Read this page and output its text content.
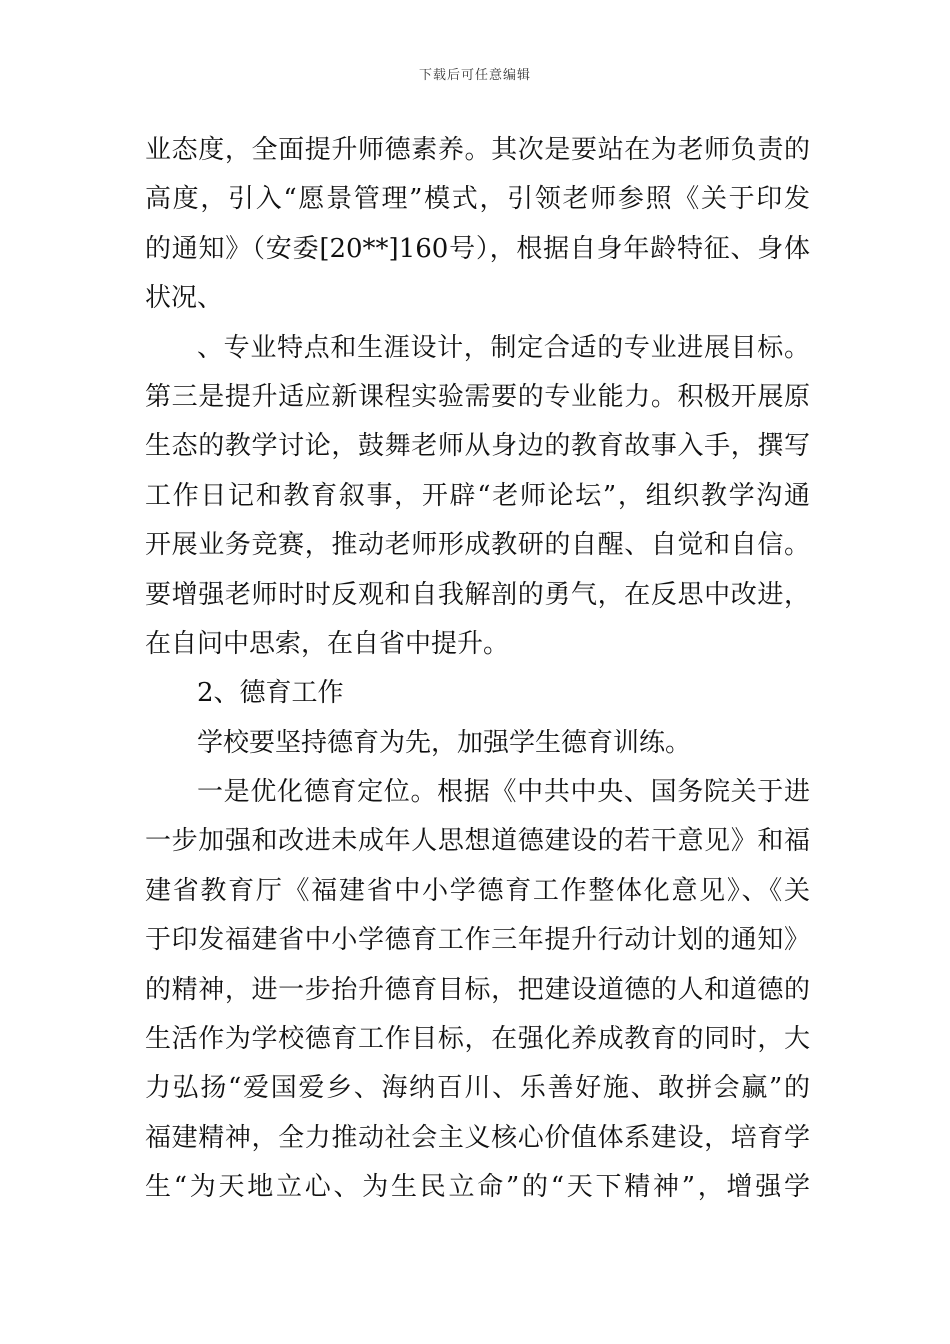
下载后可任意编辑
业态度，全面提升师德素养。其次是要站在为老师负责的
高度，引入“愿景管理”模式，引领老师参照《关于印发
的通知》（安委[20**]160号），根据自身年龄特征、身体
状况、
、专业特点和生涯设计，制定合适的专业进展目标。
第三是提升适应新课程实验需要的专业能力。积极开展原
生态的教学讨论，鼓舞老师从身边的教育故事入手，撰写
工作日记和教育叙事，开辟“老师论坛”，组织教学沟通
开展业务竞赛，推动老师形成教研的自醒、自觉和自信。
要增强老师时时反观和自我解剖的勇气，在反思中改进，
在自问中思索，在自省中提升。
2、德育工作
学校要坚持德育为先，加强学生德育训练。
一是优化德育定位。根据《中共中央、国务院关于进
一步加强和改进未成年人思想道德建设的若干意见》和福
建省教育厅《福建省中小学德育工作整体化意见》、《关
于印发福建省中小学德育工作三年提升行动计划的通知》
的精神，进一步抬升德育目标，把建设道德的人和道德的
生活作为学校德育工作目标，在强化养成教育的同时，大
力弘扬“爱国爱乡、海纳百川、乐善好施、敢拼会赢”的
福建精神，全力推动社会主义核心价值体系建设，培育学
生“为天地立心、为生民立命”的“天下精神”，增强学
